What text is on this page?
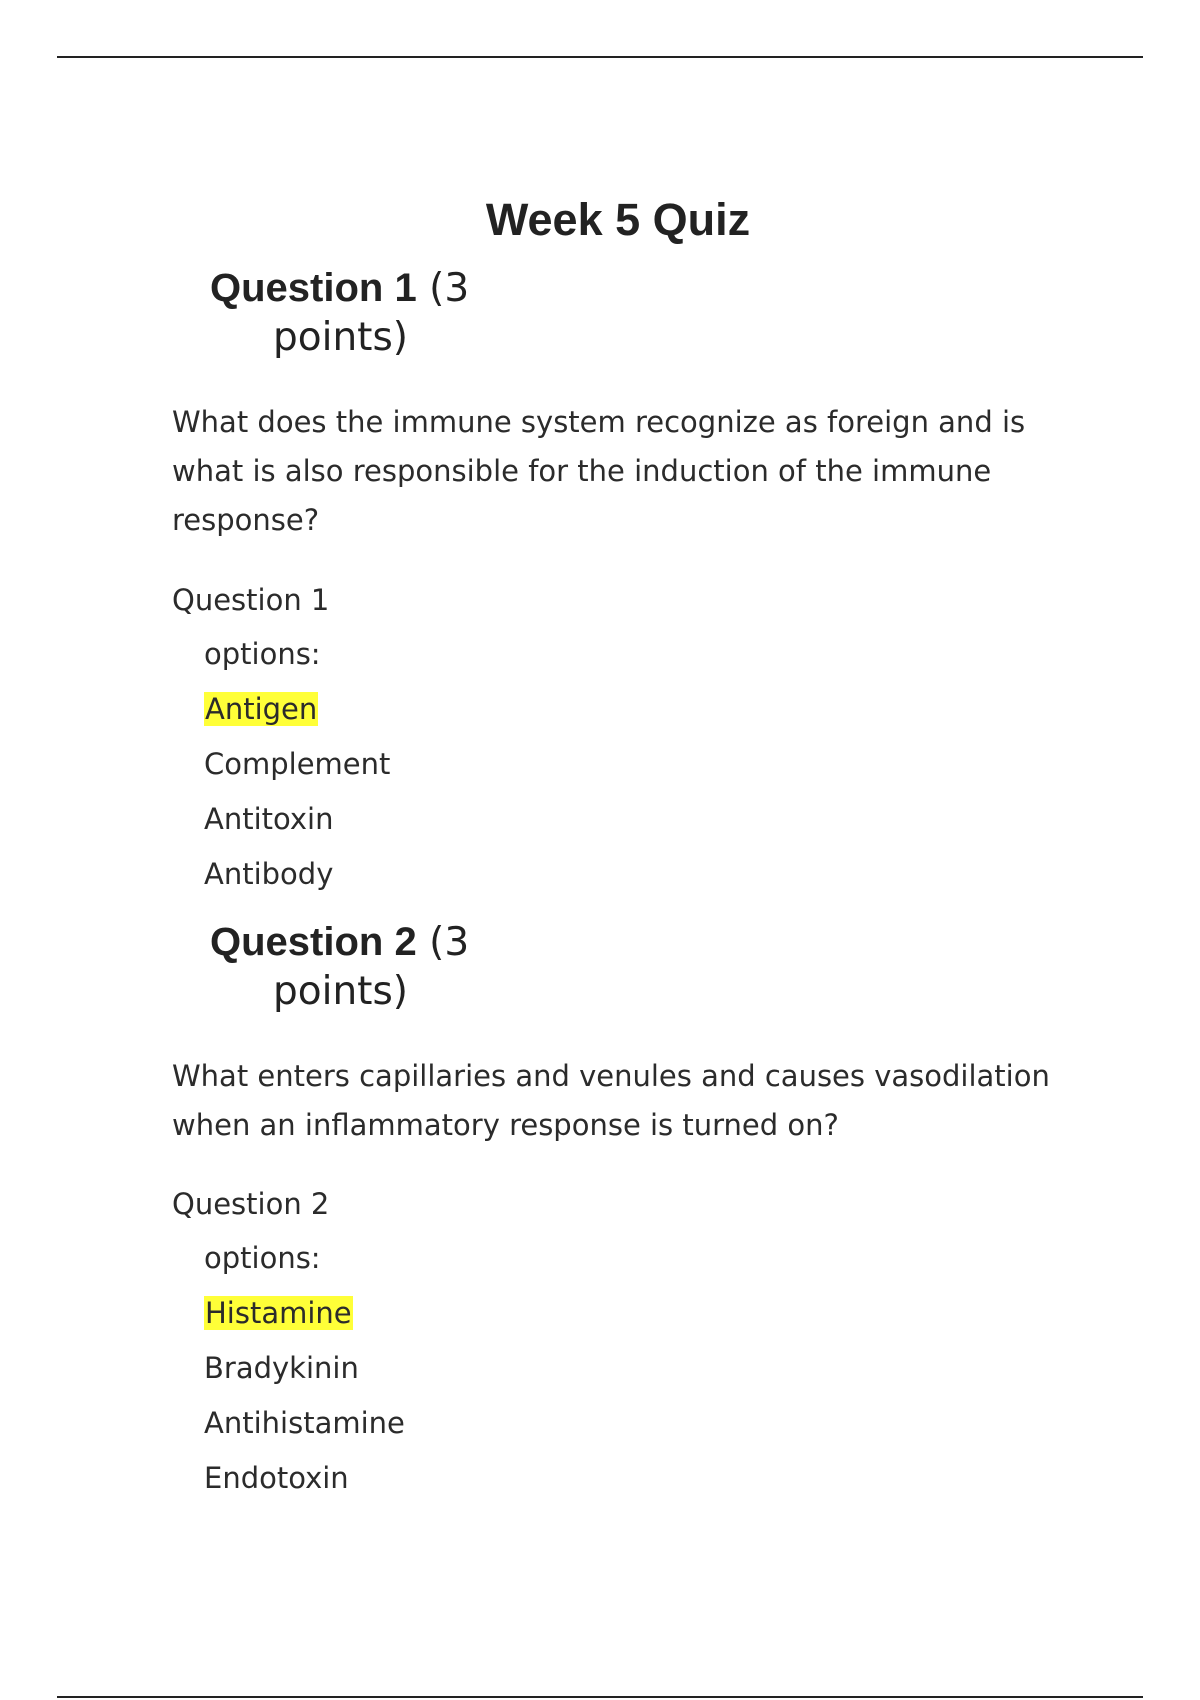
Week 5 Quiz
Question 1 (3
points)
What does the immune system recognize as foreign and is what is also responsible for the induction of the immune response?
Question 1
options:
Antigen
Complement
Antitoxin
Antibody
Question 2 (3
points)
What enters capillaries and venules and causes vasodilation when an inflammatory response is turned on?
Question 2
options:
Histamine
Bradykinin
Antihistamine
Endotoxin
